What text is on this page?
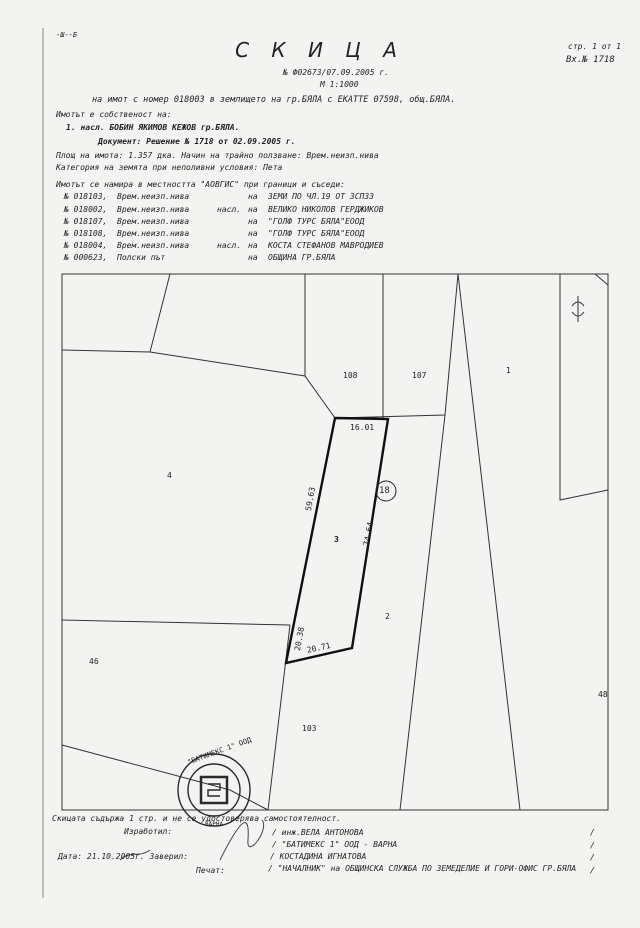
-Ш--Б
С К И Ц А	стр. 1 от 1
Вх.№ 1718
№ Ф02673/07.09.2005 г.
М 1:1000
на имот с номер 018003 в землището на гр.БЯЛА с ЕКАТТЕ 07598, общ.БЯЛА.
Имотът е собственост на:
1. насл. БОБИН ЯКИМОВ КЕЖОВ гр.БЯЛА.
Документ: Решение № 1718 от 02.09.2005 г.
Площ на имота: 1.357 дка. Начин на трайно ползване: Врем.неизп.нива
Категория на земята при неполивни условия: Пета
Имотът се намира в местността "АОВГИС" при граници и съседи:
№ 018103, Врем.неизп.нива	на ЗЕМИ ПО ЧЛ.19 ОТ ЗСПЗЗ
№ 018002, Врем.неизп.нива	насл. на ВЕЛИКО НИКОЛОВ ГЕРДЖИКОВ
№ 018107, Врем.неизп.нива	на "ГОЛФ ТУРС БЯЛА"ЕООД
№ 018108, Врем.неизп.нива	на "ГОЛФ ТУРС БЯЛА"ЕООД
№ 018004, Врем.неизп.нива	насл. на КОСТА СТЕФАНОВ МАВРОДИЕВ
№ 000623, Полски път	на ОБЩИНА ГР.БЯЛА
108	107
1
4
3
2
46
48
103
18
16.01
59.63
74.64
20.71
20.38
"БАТИМЕКС 1" ООД
ВАРНА
Скицата съдържа 1 стр. и не се удостоверява самостоятелност.
Изработил:
Дата: 21.10.2005г. Заверил:
Печат:
/ инж.ВЕЛА АНТОНОВА
/ "БАТИМЕКС 1" ООД - ВАРНА
/ КОСТАДИНА ИГНАТОВА
/ "НАЧАЛНИК" на ОБЩИНСКА СЛУЖБА ПО ЗЕМЕДЕЛИЕ И ГОРИ-ОФИС ГР.БЯЛА
/
/
/
/
